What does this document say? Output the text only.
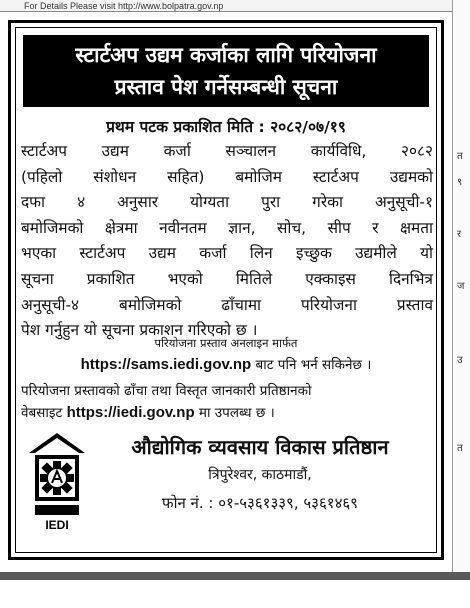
For Details Please visit http://www.bolpatra.gov.np
त
९
र
ज
उ
त
स्टार्टअप उद्यम कर्जाका लागि परियोजना
प्रस्ताव पेश गर्नेसम्बन्धी सूचना
प्रथम पटक प्रकाशित मिति : २०८२/०७/१९
स्टार्टअप उद्यम कर्जा सञ्चालन कार्यविधि, २०८२
(पहिलो संशोधन सहित) बमोजिम स्टार्टअप उद्यमको
दफा ४ अनुसार योग्यता पुरा गरेका अनुसूची-१
बमोजिमको क्षेत्रमा नवीनतम ज्ञान, सोच, सीप र क्षमता
भएका स्टार्टअप उद्यम कर्जा लिन इच्छुक उद्यमीले यो
सूचना प्रकाशित भएको मितिले एक्काइस दिनभित्र
अनुसूची-४ बमोजिमको ढाँचामा परियोजना प्रस्ताव
पेश गर्नुहुन यो सूचना प्रकाशन गरिएको छ ।
परियोजना प्रस्ताव अनलाइन मार्फत
https://sams.iedi.gov.np बाट पनि भर्न सकिनेछ ।
परियोजना प्रस्तावको ढाँचा तथा विस्तृत जानकारी प्रतिष्ठानको
वेबसाइट https://iedi.gov.np मा उपलब्ध छ ।
IEDI
औद्योगिक व्यवसाय विकास प्रतिष्ठान
त्रिपुरेश्वर, काठमाडौं,
फोन नं. : ०१-५३६१३३९, ५३६१४६९
